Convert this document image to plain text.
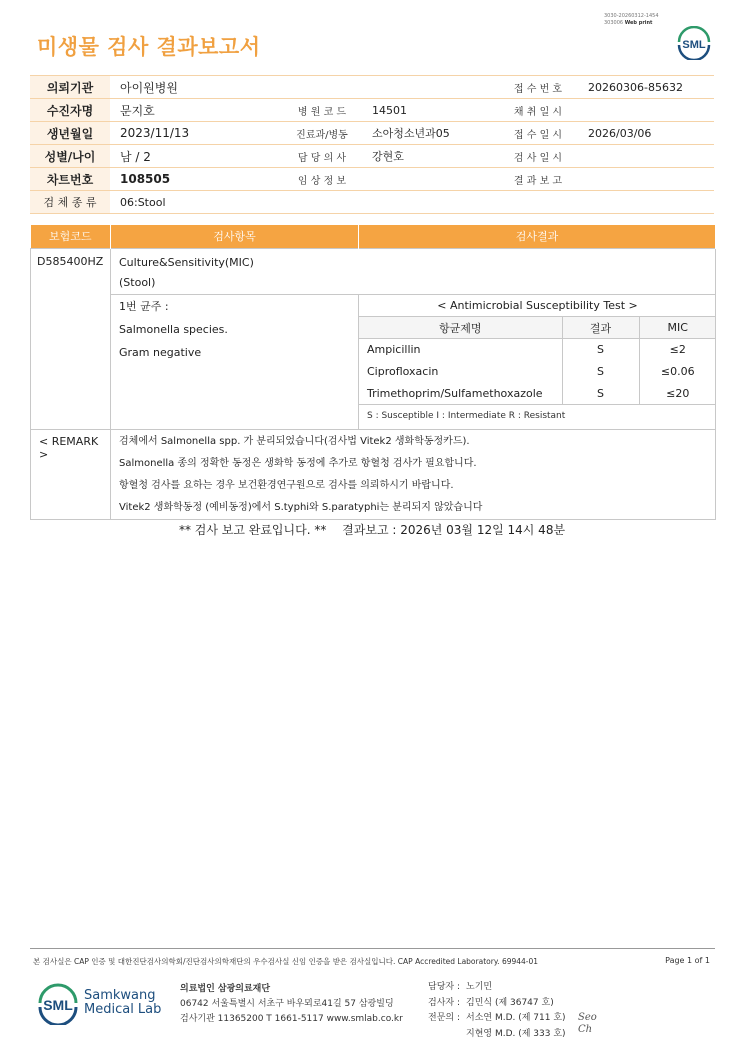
3030-20260312-1454
303006 Web print
미생물 검사 결과보고서	SML
의뢰기관	아이원병원			접 수 번 호	20260306-85632
수진자명	문지호	병 원 코 드	14501	채 취 일 시	
생년월일	2023/11/13	진료과/병동	소아청소년과05	접 수 일 시	2026/03/06
성별/나이	남 / 2	담 당 의 사	강현호	검 사 일 시	
차트번호	108505	임 상 정 보		결 과 보 고	
검 체 종 류	06:Stool				
보험코드	검사항목	검사결과
D585400HZ	Culture&Sensitivity(MIC)
(Stool)

1번 균주 :
Salmonella species.
Gram negative

< Antimicrobial Susceptibility Test >
항균제명	결과	MIC
Ampicillin	S	≤2
Ciprofloxacin	S	≤0.06
Trimethoprim/Sulfamethoxazole	S	≤20
S : Susceptible I : Intermediate R : Resistant

< REMARK >	
검체에서 Salmonella spp. 가 분리되었습니다(검사법 Vitek2 생화학동정카드).
Salmonella 종의 정확한 동정은 생화학 동정에 추가로 항혈청 검사가 필요합니다.
항혈청 검사를 요하는 경우 보건환경연구원으로 검사를 의뢰하시기 바랍니다.
Vitek2 생화학동정 (예비동정)에서 S.typhi와 S.paratyphi는 분리되지 않았습니다
** 검사 보고 완료입니다. ** 결과보고 : 2026년 03월 12일 14시 48분
본 검사실은 CAP 인증 및 대한진단검사의학회/진단검사의학재단의 우수검사실 신임 인증을 받은 검사실입니다. CAP Accredited Laboratory. 69944-01	Page 1 of 1
SML
Samkwang
Medical Lab
의료법인 삼광의료재단
06742 서울특별시 서초구 바우뫼로41길 57 삼광빌딩
검사기관 11365200 T 1661-5117 www.smlab.co.kr
담당자 : 노기민
검사자 : 김민식 (제 36747 호)
전문의 : 서소연 M.D. (제 711 호)
지현영 M.D. (제 333 호)
Seo
Ch
